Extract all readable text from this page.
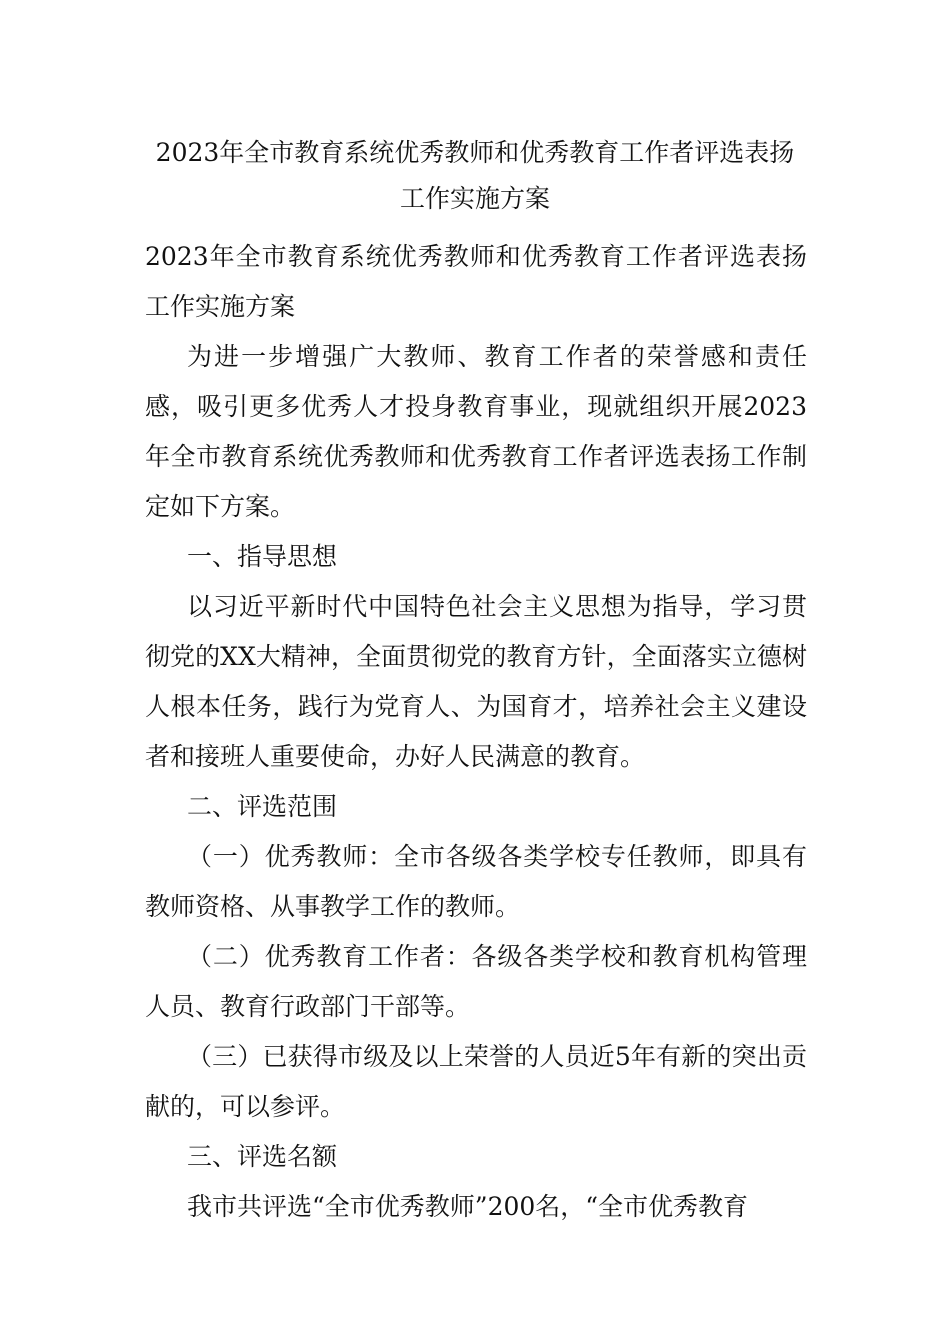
2023年全市教育系统优秀教师和优秀教育工作者评选表扬
工作实施方案

2023年全市教育系统优秀教师和优秀教育工作者评选表扬工作实施方案

为进一步增强广大教师、教育工作者的荣誉感和责任感，吸引更多优秀人才投身教育事业，现就组织开展2023年全市教育系统优秀教师和优秀教育工作者评选表扬工作制定如下方案。

一、指导思想

以习近平新时代中国特色社会主义思想为指导，学习贯彻党的XX大精神，全面贯彻党的教育方针，全面落实立德树人根本任务，践行为党育人、为国育才，培养社会主义建设者和接班人重要使命，办好人民满意的教育。

二、评选范围

（一）优秀教师：全市各级各类学校专任教师，即具有教师资格、从事教学工作的教师。

（二）优秀教育工作者：各级各类学校和教育机构管理人员、教育行政部门干部等。

（三）已获得市级及以上荣誉的人员近5年有新的突出贡献的，可以参评。

三、评选名额

我市共评选“全市优秀教师”200名，“全市优秀教育
